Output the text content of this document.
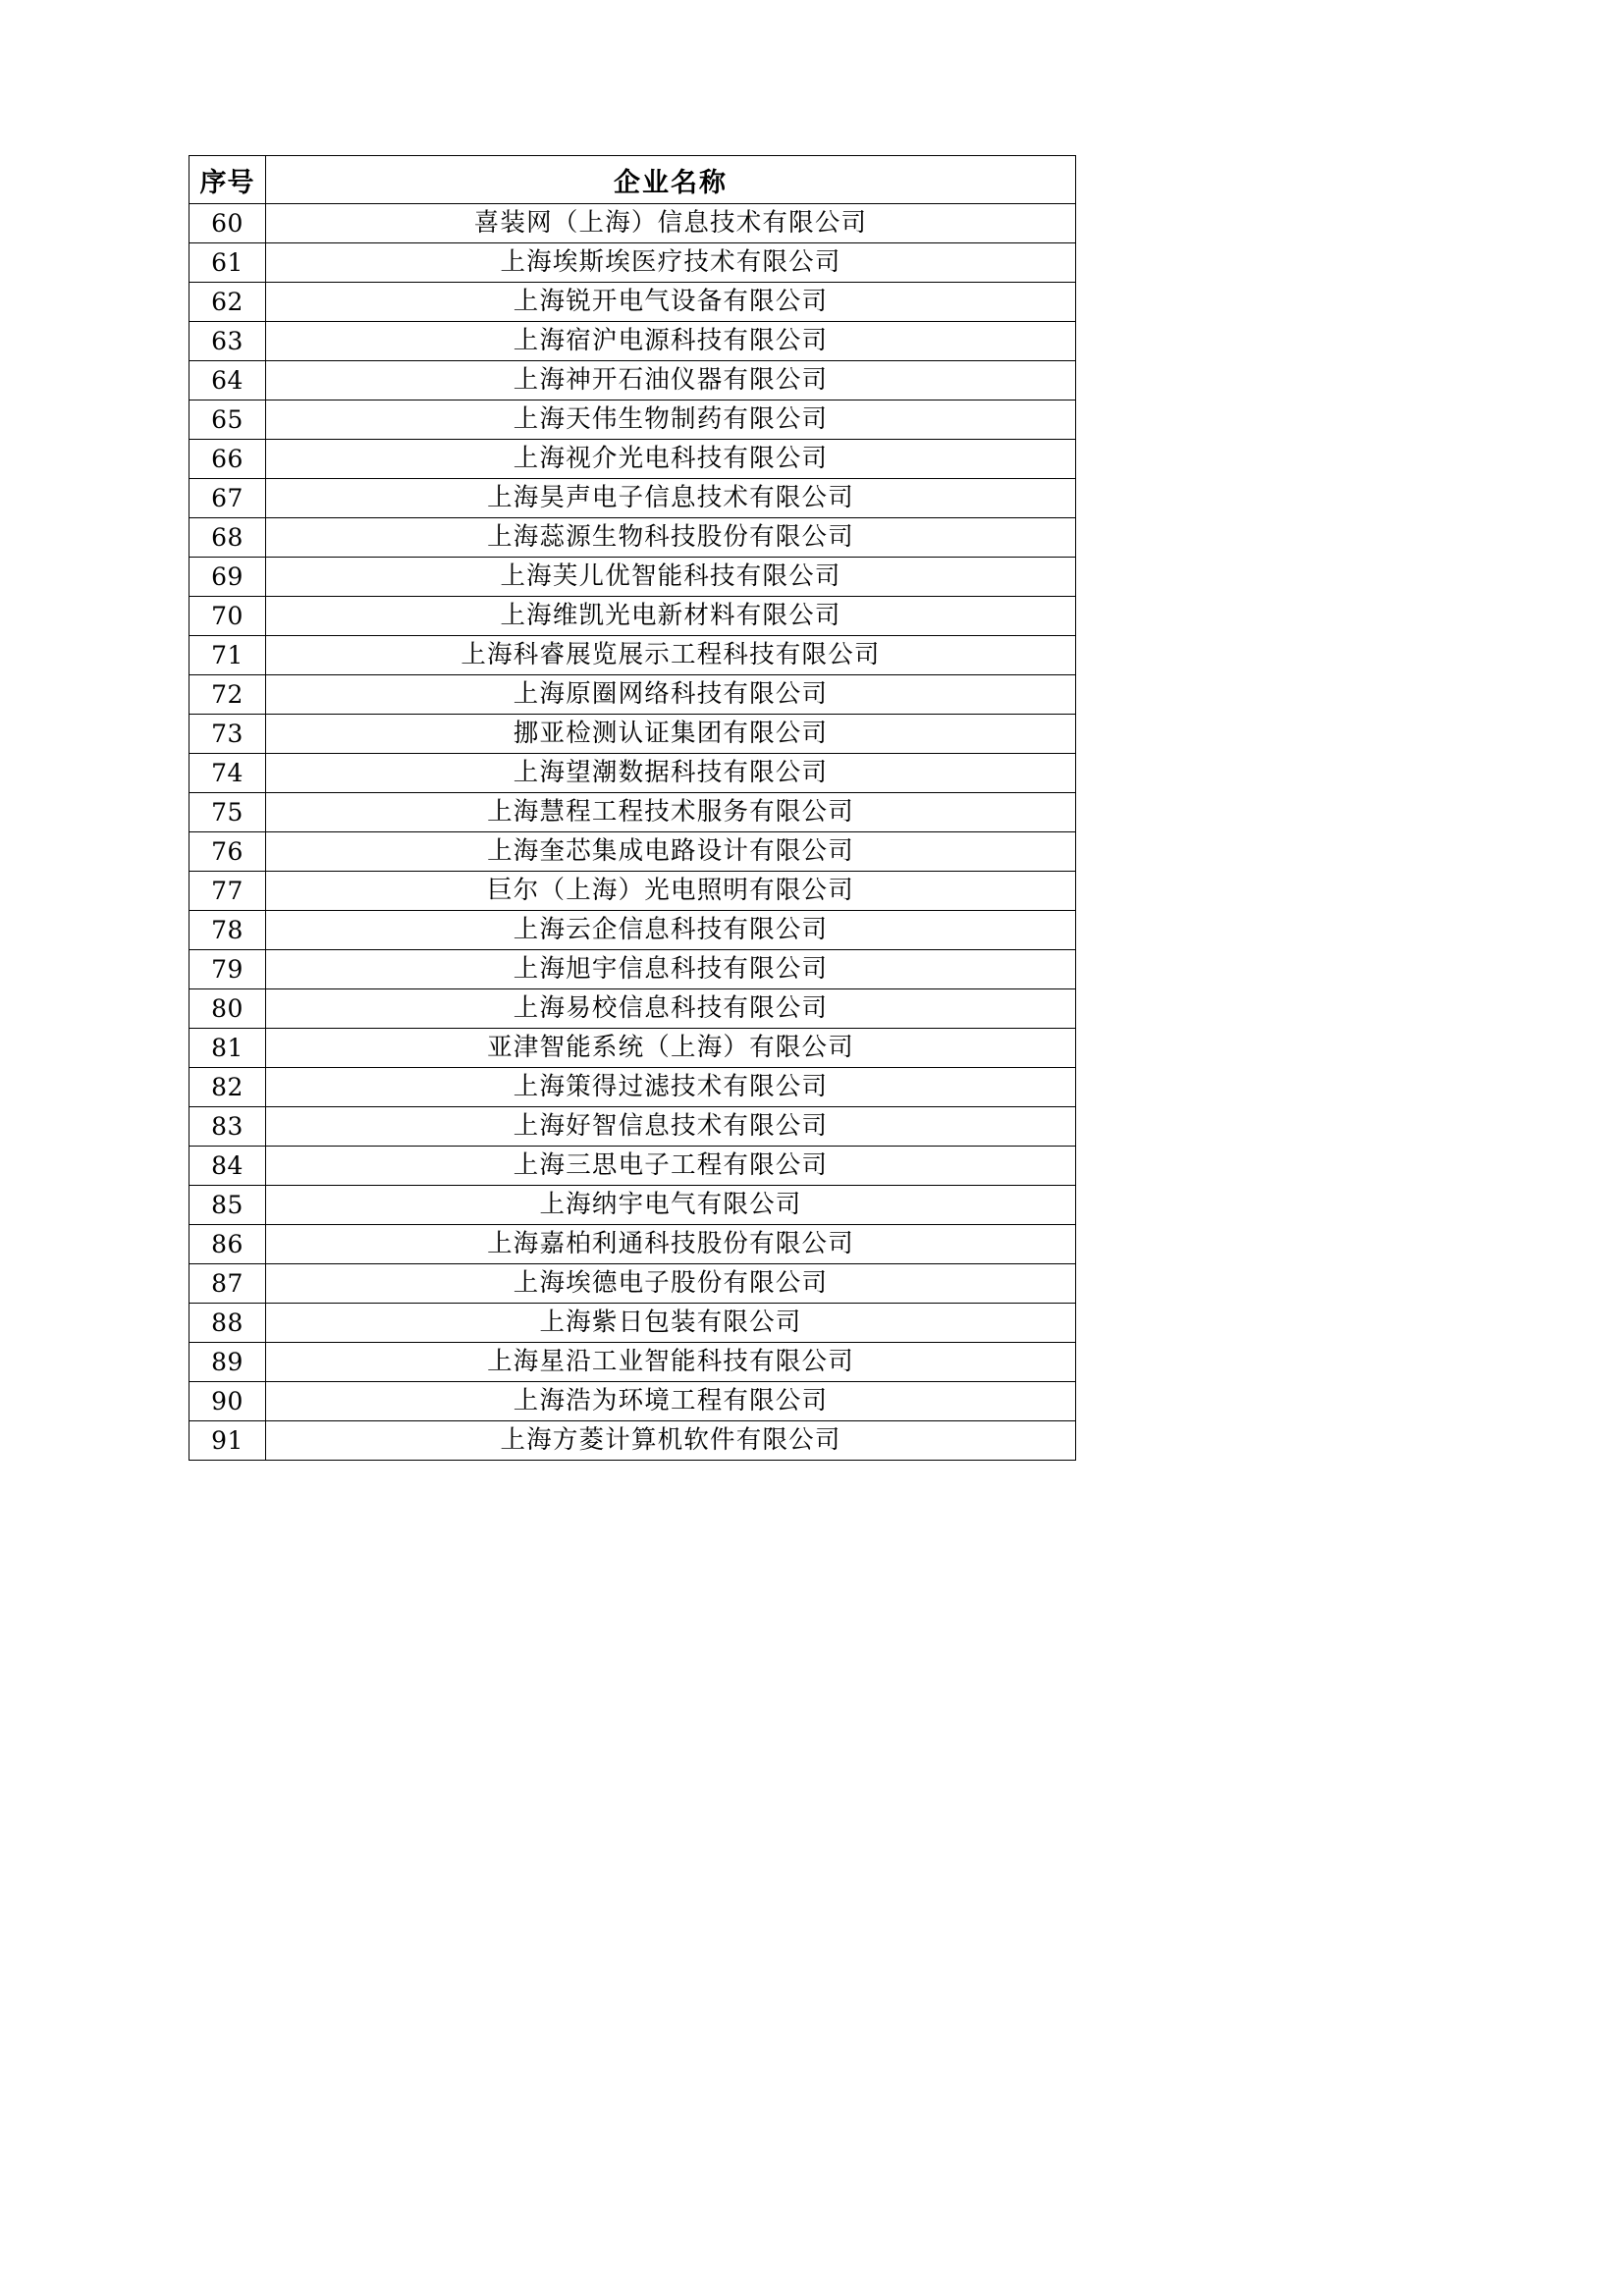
序号	企业名称
60	喜装网（上海）信息技术有限公司
61	上海埃斯埃医疗技术有限公司
62	上海锐开电气设备有限公司
63	上海宿沪电源科技有限公司
64	上海神开石油仪器有限公司
65	上海天伟生物制药有限公司
66	上海视介光电科技有限公司
67	上海昊声电子信息技术有限公司
68	上海蕊源生物科技股份有限公司
69	上海芙儿优智能科技有限公司
70	上海维凯光电新材料有限公司
71	上海科睿展览展示工程科技有限公司
72	上海原圈网络科技有限公司
73	挪亚检测认证集团有限公司
74	上海望潮数据科技有限公司
75	上海慧程工程技术服务有限公司
76	上海奎芯集成电路设计有限公司
77	巨尔（上海）光电照明有限公司
78	上海云企信息科技有限公司
79	上海旭宇信息科技有限公司
80	上海易校信息科技有限公司
81	亚津智能系统（上海）有限公司
82	上海策得过滤技术有限公司
83	上海好智信息技术有限公司
84	上海三思电子工程有限公司
85	上海纳宇电气有限公司
86	上海嘉柏利通科技股份有限公司
87	上海埃德电子股份有限公司
88	上海紫日包装有限公司
89	上海星沿工业智能科技有限公司
90	上海浩为环境工程有限公司
91	上海方菱计算机软件有限公司
